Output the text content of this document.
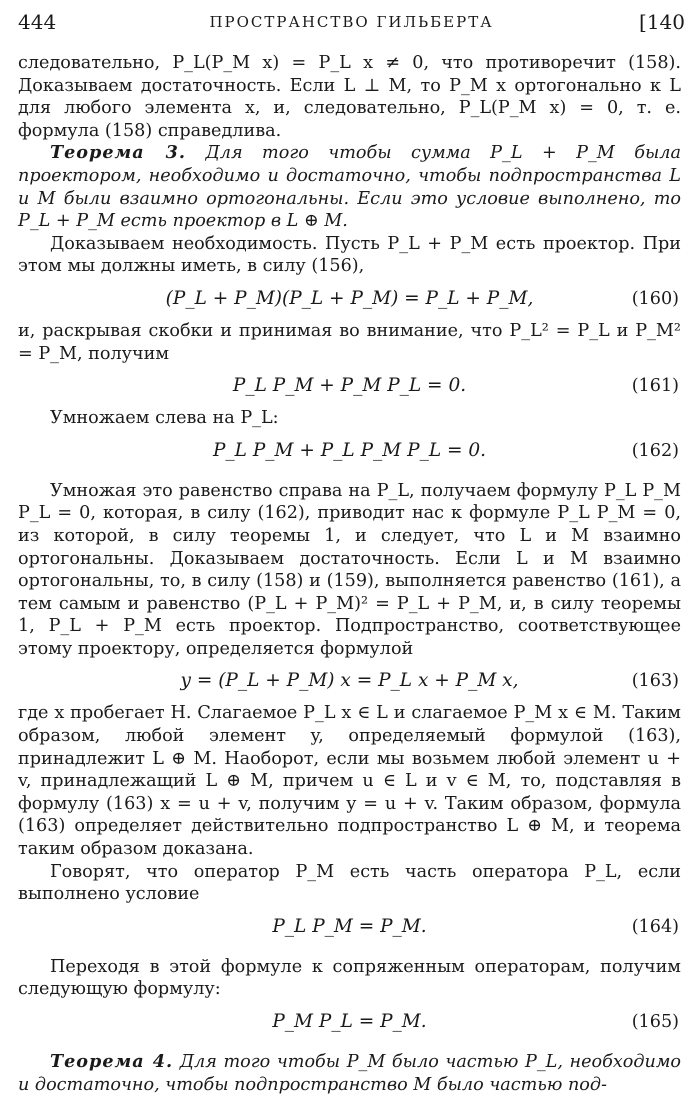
444	ПРОСТРАНСТВО ГИЛЬБЕРТА	[140

следовательно, P_L(P_M x) = P_L x ≠ 0, что противоречит (158). Доказываем достаточность. Если L ⊥ M, то P_M x ортогонально к L для любого элемента x, и, следовательно, P_L(P_M x) = 0, т. е. формула (158) справедлива.

Теорема 3. Для того чтобы сумма P_L + P_M была проектором, необходимо и достаточно, чтобы подпространства L и M были взаимно ортогональны. Если это условие выполнено, то P_L + P_M есть проектор в L ⊕ M.

Доказываем необходимость. Пусть P_L + P_M есть проектор. При этом мы должны иметь, в силу (156),

(P_L + P_M)(P_L + P_M) = P_L + P_M,	(160)

и, раскрывая скобки и принимая во внимание, что P_L² = P_L и P_M² = P_M, получим

P_L P_M + P_M P_L = 0.	(161)

Умножаем слева на P_L:

P_L P_M + P_L P_M P_L = 0.	(162)

Умножая это равенство справа на P_L, получаем формулу P_L P_M P_L = 0, которая, в силу (162), приводит нас к формуле P_L P_M = 0, из которой, в силу теоремы 1, и следует, что L и M взаимно ортогональны. Доказываем достаточность. Если L и M взаимно ортогональны, то, в силу (158) и (159), выполняется равенство (161), а тем самым и равенство (P_L + P_M)² = P_L + P_M, и, в силу теоремы 1, P_L + P_M есть проектор. Подпространство, соответствующее этому проектору, определяется формулой

y = (P_L + P_M) x = P_L x + P_M x,	(163)

где x пробегает H. Слагаемое P_L x ∈ L и слагаемое P_M x ∈ M. Таким образом, любой элемент y, определяемый формулой (163), принадлежит L ⊕ M. Наоборот, если мы возьмем любой элемент u + v, принадлежащий L ⊕ M, причем u ∈ L и v ∈ M, то, подставляя в формулу (163) x = u + v, получим y = u + v. Таким образом, формула (163) определяет действительно подпространство L ⊕ M, и теорема таким образом доказана.

Говорят, что оператор P_M есть часть оператора P_L, если выполнено условие

P_L P_M = P_M.	(164)

Переходя в этой формуле к сопряженным операторам, получим следующую формулу:

P_M P_L = P_M.	(165)

Теорема 4. Для того чтобы P_M было частью P_L, необходимо и достаточно, чтобы подпространство M было частью под-
